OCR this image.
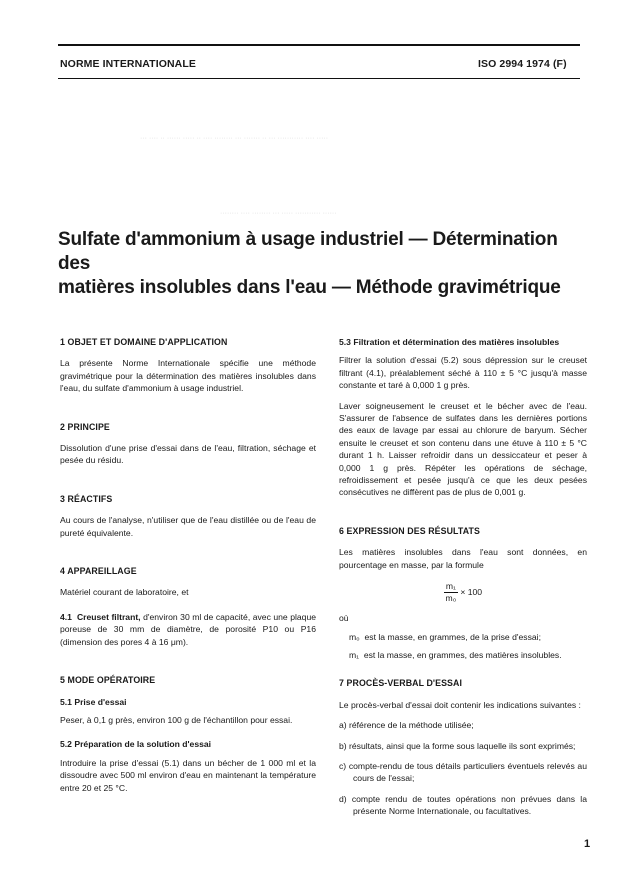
NORME INTERNATIONALE	ISO 2994 1974 (F)
··· ···· ·· ······ ····· ·· ···· ········ ··· ······· ·· ··· ··········· ···· ·····
········ ···· ········ ··· ····· ··········· ······
Sulfate d'ammonium à usage industriel — Détermination des
matières insolubles dans l'eau — Méthode gravimétrique
1 OBJET ET DOMAINE D'APPLICATION

La présente Norme Internationale spécifie une méthode gravimétrique pour la détermination des matières insolubles dans l'eau, du sulfate d'ammonium à usage industriel.

2 PRINCIPE

Dissolution d'une prise d'essai dans de l'eau, filtration, séchage et pesée du résidu.

3 RÉACTIFS

Au cours de l'analyse, n'utiliser que de l'eau distillée ou de l'eau de pureté équivalente.

4 APPAREILLAGE

Matériel courant de laboratoire, et

4.1 Creuset filtrant, d'environ 30 ml de capacité, avec une plaque poreuse de 30 mm de diamètre, de porosité P10 ou P16 (dimension des pores 4 à 16 μm).

5 MODE OPÉRATOIRE
5.1 Prise d'essai

Peser, à 0,1 g près, environ 100 g de l'échantillon pour essai.

5.2 Préparation de la solution d'essai

Introduire la prise d'essai (5.1) dans un bécher de 1 000 ml et la dissoudre avec 500 ml environ d'eau en maintenant la température entre 20 et 25 °C.

5.3 Filtration et détermination des matières insolubles

Filtrer la solution d'essai (5.2) sous dépression sur le creuset filtrant (4.1), préalablement séché à 110 ± 5 °C jusqu'à masse constante et taré à 0,000 1 g près.

Laver soigneusement le creuset et le bécher avec de l'eau. S'assurer de l'absence de sulfates dans les dernières portions des eaux de lavage par essai au chlorure de baryum. Sécher ensuite le creuset et son contenu dans une étuve à 110 ± 5 °C durant 1 h. Laisser refroidir dans un dessiccateur et peser à 0,000 1 g près. Répéter les opérations de séchage, refroidissement et pesée jusqu'à ce que les deux pesées consécutives ne diffèrent pas de plus de 0,001 g.

6 EXPRESSION DES RÉSULTATS

Les matières insolubles dans l'eau sont données, en pourcentage en masse, par la formule

$\frac{\text{m₁}}{\text{m₀}} \times 100$

où

m₀ est la masse, en grammes, de la prise d'essai;

m₁ est la masse, en grammes, des matières insolubles.

7 PROCÈS-VERBAL D'ESSAI

Le procès-verbal d'essai doit contenir les indications suivantes :

a) référence de la méthode utilisée;

b) résultats, ainsi que la forme sous laquelle ils sont exprimés;

c) compte-rendu de tous détails particuliers éventuels relevés au cours de l'essai;

d) compte rendu de toutes opérations non prévues dans la présente Norme Internationale, ou facultatives.

1
